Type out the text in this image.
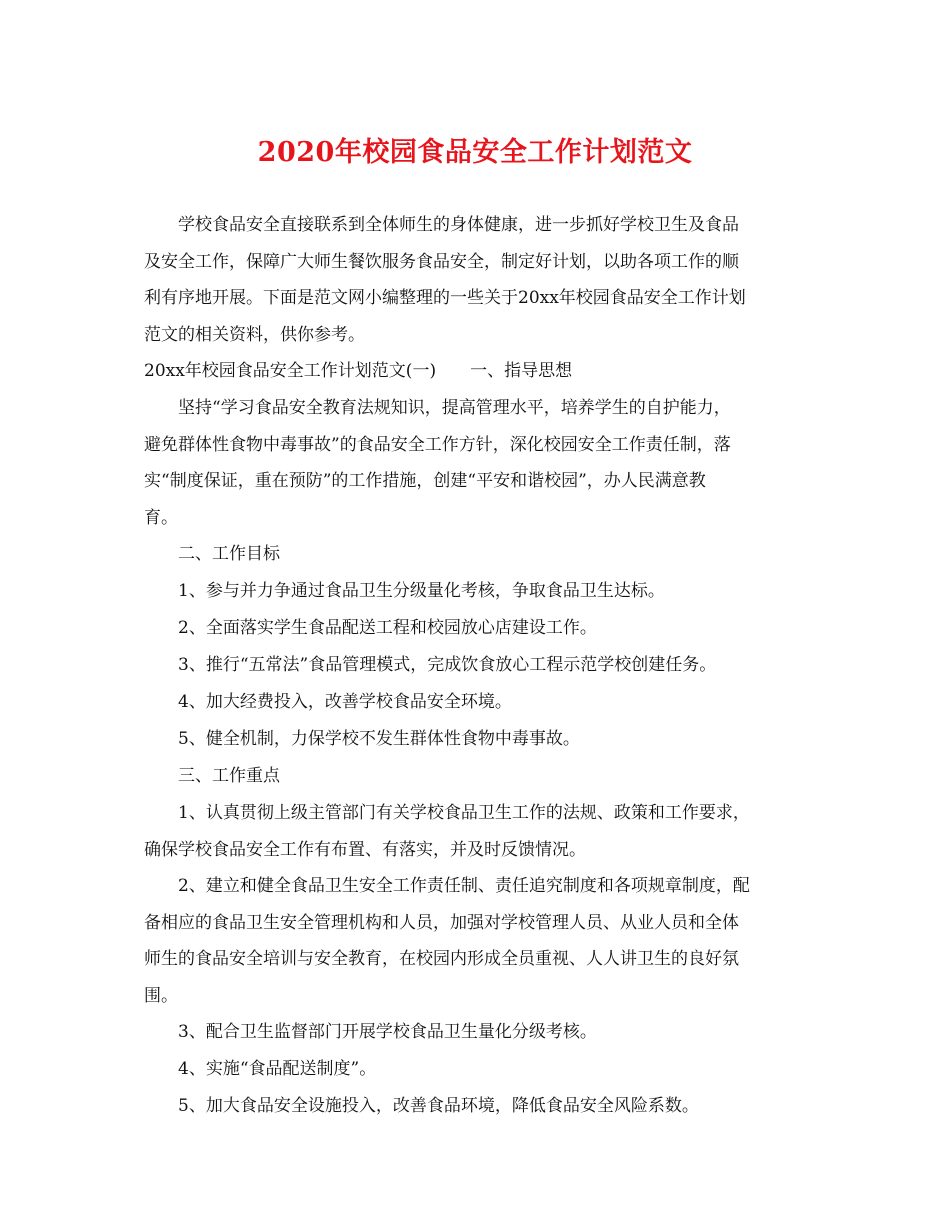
2020年校园食品安全工作计划范文
学校食品安全直接联系到全体师生的身体健康，进一步抓好学校卫生及食品
及安全工作，保障广大师生餐饮服务食品安全，制定好计划，以助各项工作的顺
利有序地开展。下面是范文网小编整理的一些关于20xx年校园食品安全工作计划
范文的相关资料，供你参考。
20xx年校园食品安全工作计划范文(一)　　一、指导思想
坚持“学习食品安全教育法规知识，提高管理水平，培养学生的自护能力，
避免群体性食物中毒事故”的食品安全工作方针，深化校园安全工作责任制，落
实“制度保证，重在预防”的工作措施，创建“平安和谐校园”，办人民满意教
育。
二、工作目标
1、参与并力争通过食品卫生分级量化考核，争取食品卫生达标。
2、全面落实学生食品配送工程和校园放心店建设工作。
3、推行“五常法”食品管理模式，完成饮食放心工程示范学校创建任务。
4、加大经费投入，改善学校食品安全环境。
5、健全机制，力保学校不发生群体性食物中毒事故。
三、工作重点
1、认真贯彻上级主管部门有关学校食品卫生工作的法规、政策和工作要求，
确保学校食品安全工作有布置、有落实，并及时反馈情况。
2、建立和健全食品卫生安全工作责任制、责任追究制度和各项规章制度，配
备相应的食品卫生安全管理机构和人员，加强对学校管理人员、从业人员和全体
师生的食品安全培训与安全教育，在校园内形成全员重视、人人讲卫生的良好氛
围。
3、配合卫生监督部门开展学校食品卫生量化分级考核。
4、实施“食品配送制度”。
5、加大食品安全设施投入，改善食品环境，降低食品安全风险系数。
